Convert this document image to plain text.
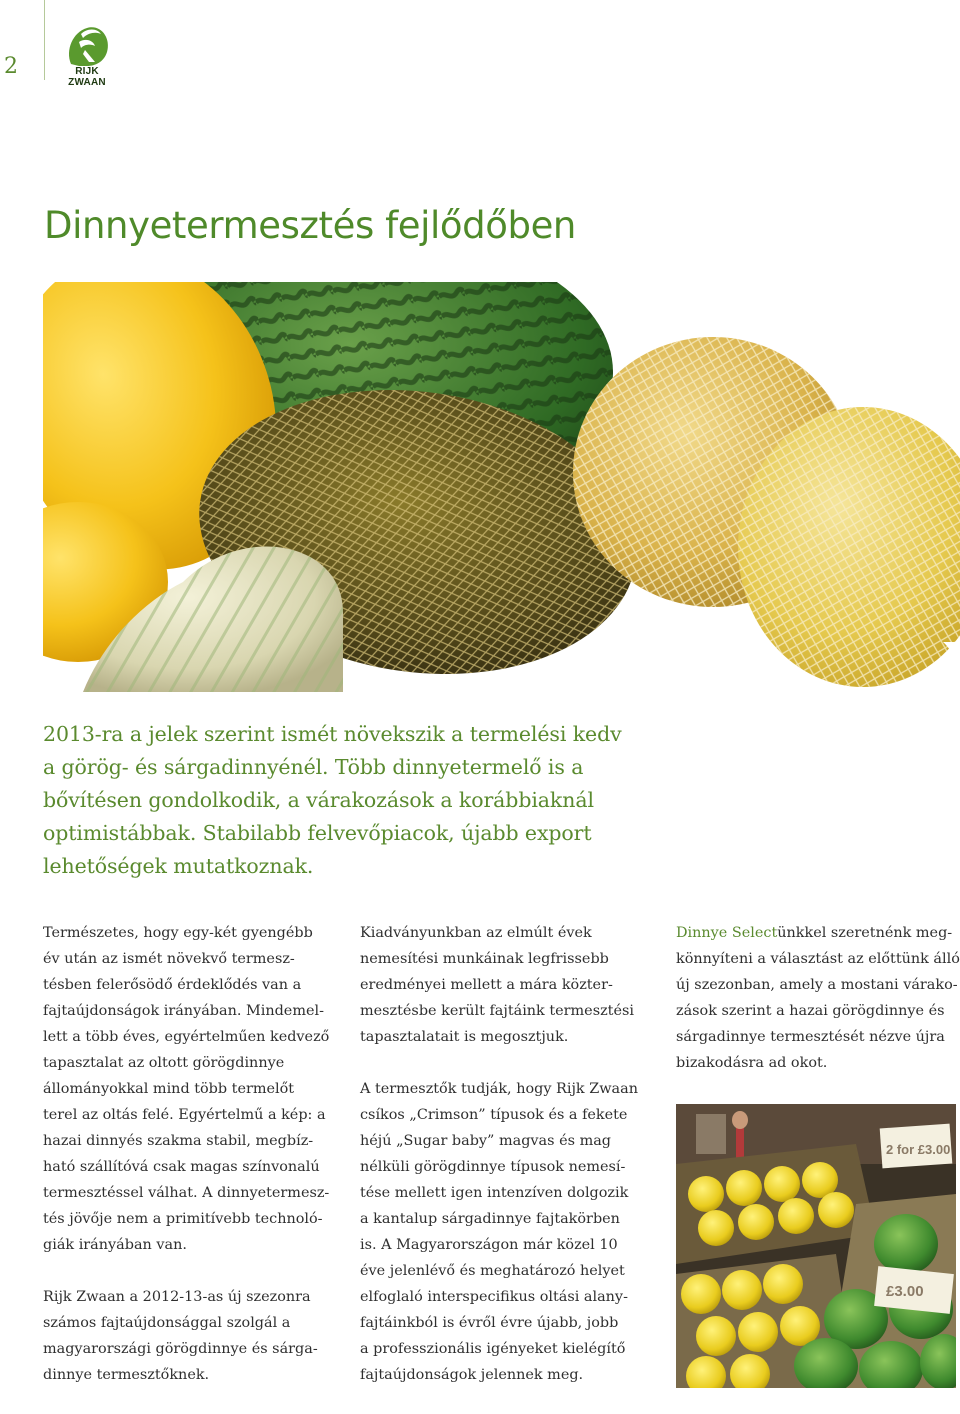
2	RIJK ZWAAN
Dinnyetermesztés fejlődőben
2013-ra a jelek szerint ismét növekszik a termelési kedv
a görög- és sárgadinnyénél. Több dinnyetermelő is a
bővítésen gondolkodik, a várakozások a korábbiaknál
optimistábbak. Stabilabb felvevőpiacok, újabb export
lehetőségek mutatkoznak.

Természetes, hogy egy-két gyengébb
év után az ismét növekvő termesz-
tésben felerősödő érdeklődés van a
fajtaújdonságok irányában. Mindemel-
lett a több éves, egyértelműen kedvező
tapasztalat az oltott görögdinnye
állományokkal mind több termelőt
terel az oltás felé. Egyértelmű a kép: a
hazai dinnyés szakma stabil, megbíz-
ható szállítóvá csak magas színvonalú
termesztéssel válhat. A dinnyetermesz-
tés jövője nem a primitívebb technoló-
giák irányában van.

Rijk Zwaan a 2012-13-as új szezonra
számos fajtaújdonsággal szolgál a
magyarországi görögdinnye és sárga-
dinnye termesztőknek.

Kiadványunkban az elmúlt évek
nemesítési munkáinak legfrissebb
eredményei mellett a mára közter-
mesztésbe került fajtáink termesztési
tapasztalatait is megosztjuk.

A termesztők tudják, hogy Rijk Zwaan
csíkos „Crimson” típusok és a fekete
héjú „Sugar baby” magvas és mag
nélküli görögdinnye típusok nemesí-
tése mellett igen intenzíven dolgozik
a kantalup sárgadinnye fajtakörben
is. A Magyarországon már közel 10
éve jelenlévő és meghatározó helyet
elfoglaló interspecifikus oltási alany-
fajtáinkból is évről évre újabb, jobb
a professzionális igényeket kielégítő
fajtaújdonságok jelennek meg.

Dinnye Selectünkkel szeretnénk meg-
könnyíteni a választást az előttünk álló
új szezonban, amely a mostani várako-
zások szerint a hazai görögdinnye és
sárgadinnye termesztését nézve újra
bizakodásra ad okot.

2 for £3.00
£3.00
